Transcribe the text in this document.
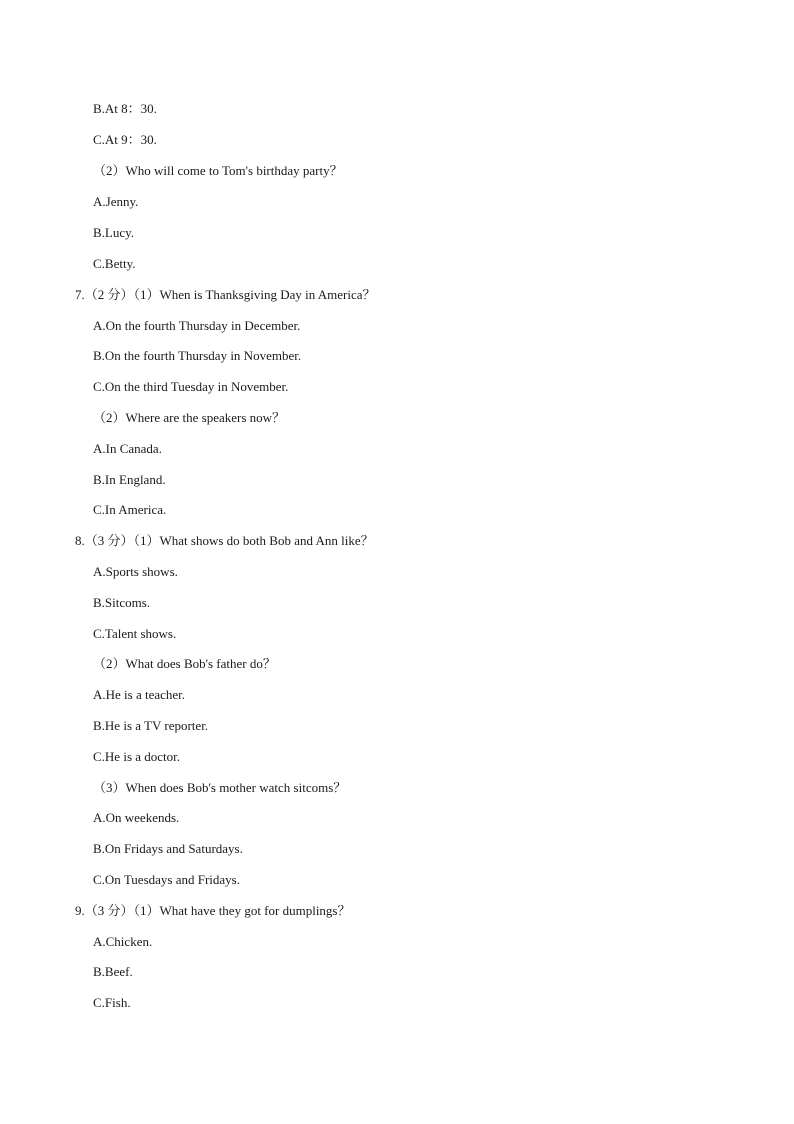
B.At 8：30.
C.At 9：30.
（2）Who will come to Tom's birthday party？
A.Jenny.
B.Lucy.
C.Betty.
7.（2 分）（1）When is Thanksgiving Day in America？
A.On the fourth Thursday in December.
B.On the fourth Thursday in November.
C.On the third Tuesday in November.
（2）Where are the speakers now？
A.In Canada.
B.In England.
C.In America.
8.（3 分）（1）What shows do both Bob and Ann like？
A.Sports shows.
B.Sitcoms.
C.Talent shows.
（2）What does Bob's father do？
A.He is a teacher.
B.He is a TV reporter.
C.He is a doctor.
（3）When does Bob's mother watch sitcoms？
A.On weekends.
B.On Fridays and Saturdays.
C.On Tuesdays and Fridays.
9.（3 分）（1）What have they got for dumplings？
A.Chicken.
B.Beef.
C.Fish.
